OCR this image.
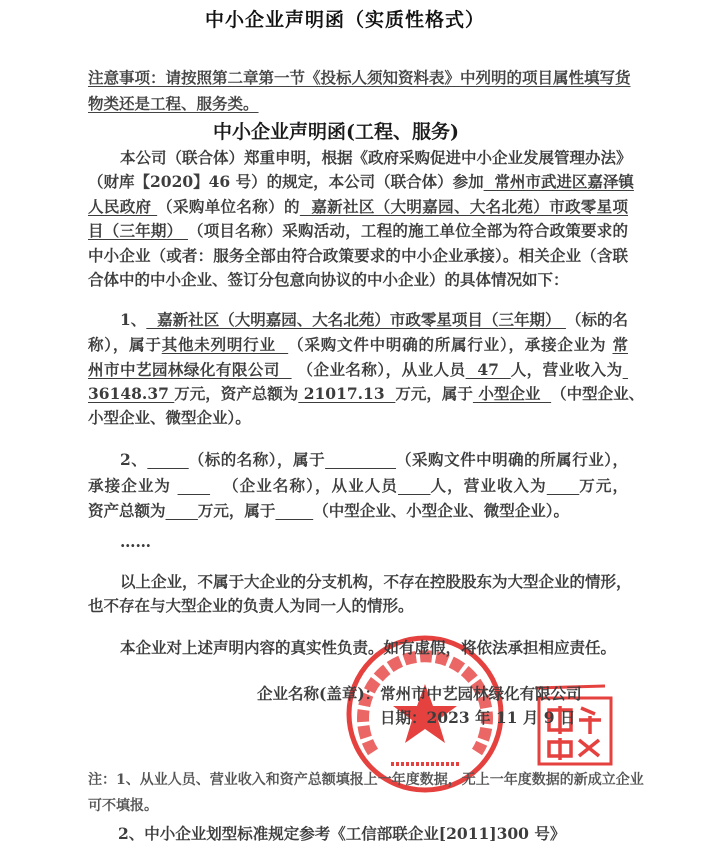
中小企业声明函（实质性格式）
注意事项：请按照第二章第一节《投标人须知资料表》中列明的项目属性填写货
物类还是工程、服务类。
中小企业声明函(工程、服务)
本公司（联合体）郑重申明，根据《政府采购促进中小企业发展管理办法》
（财库【2020】46 号）的规定，本公司（联合体）参加  常州市武进区嘉泽镇
人民政府 （采购单位名称）的  嘉新社区（大明嘉园、大名北苑）市政零星项
目（三年期） （项目名称）采购活动，工程的施工单位全部为符合政策要求的
中小企业（或者：服务全部由符合政策要求的中小企业承接）。相关企业（含联
合体中的中小企业、签订分包意向协议的中小企业）的具体情况如下：
1、  嘉新社区（大明嘉园、大名北苑）市政零星项目（三年期） （标的名
称），属于其他未列明行业  （采购文件中明确的所属行业），承接企业为 常
州市中艺园林绿化有限公司   （企业名称），从业人员  47  人，营业收入为
36148.37 万元，资产总额为 21017.13  万元，属于 小型企业  （中型企业、
小型企业、微型企业）。
2、	（标的名称），属于	（采购文件中明确的所属行业），
承接企业为        （企业名称），从业人员 人，营业收入为 万元，
资产总额为 万元，属于 （中型企业、小型企业、微型企业）。
……
以上企业，不属于大企业的分支机构，不存在控股股东为大型企业的情形，
也不存在与大型企业的负责人为同一人的情形。
本企业对上述声明内容的真实性负责。如有虚假，将依法承担相应责任。
企业名称(盖章)：常州市中艺园林绿化有限公司
日期：2023 年 11 月 9 日
注：1、从业人员、营业收入和资产总额填报上一年度数据，无上一年度数据的新成立企业
可不填报。
2、中小企业划型标准规定参考《工信部联企业[2011]300 号》
